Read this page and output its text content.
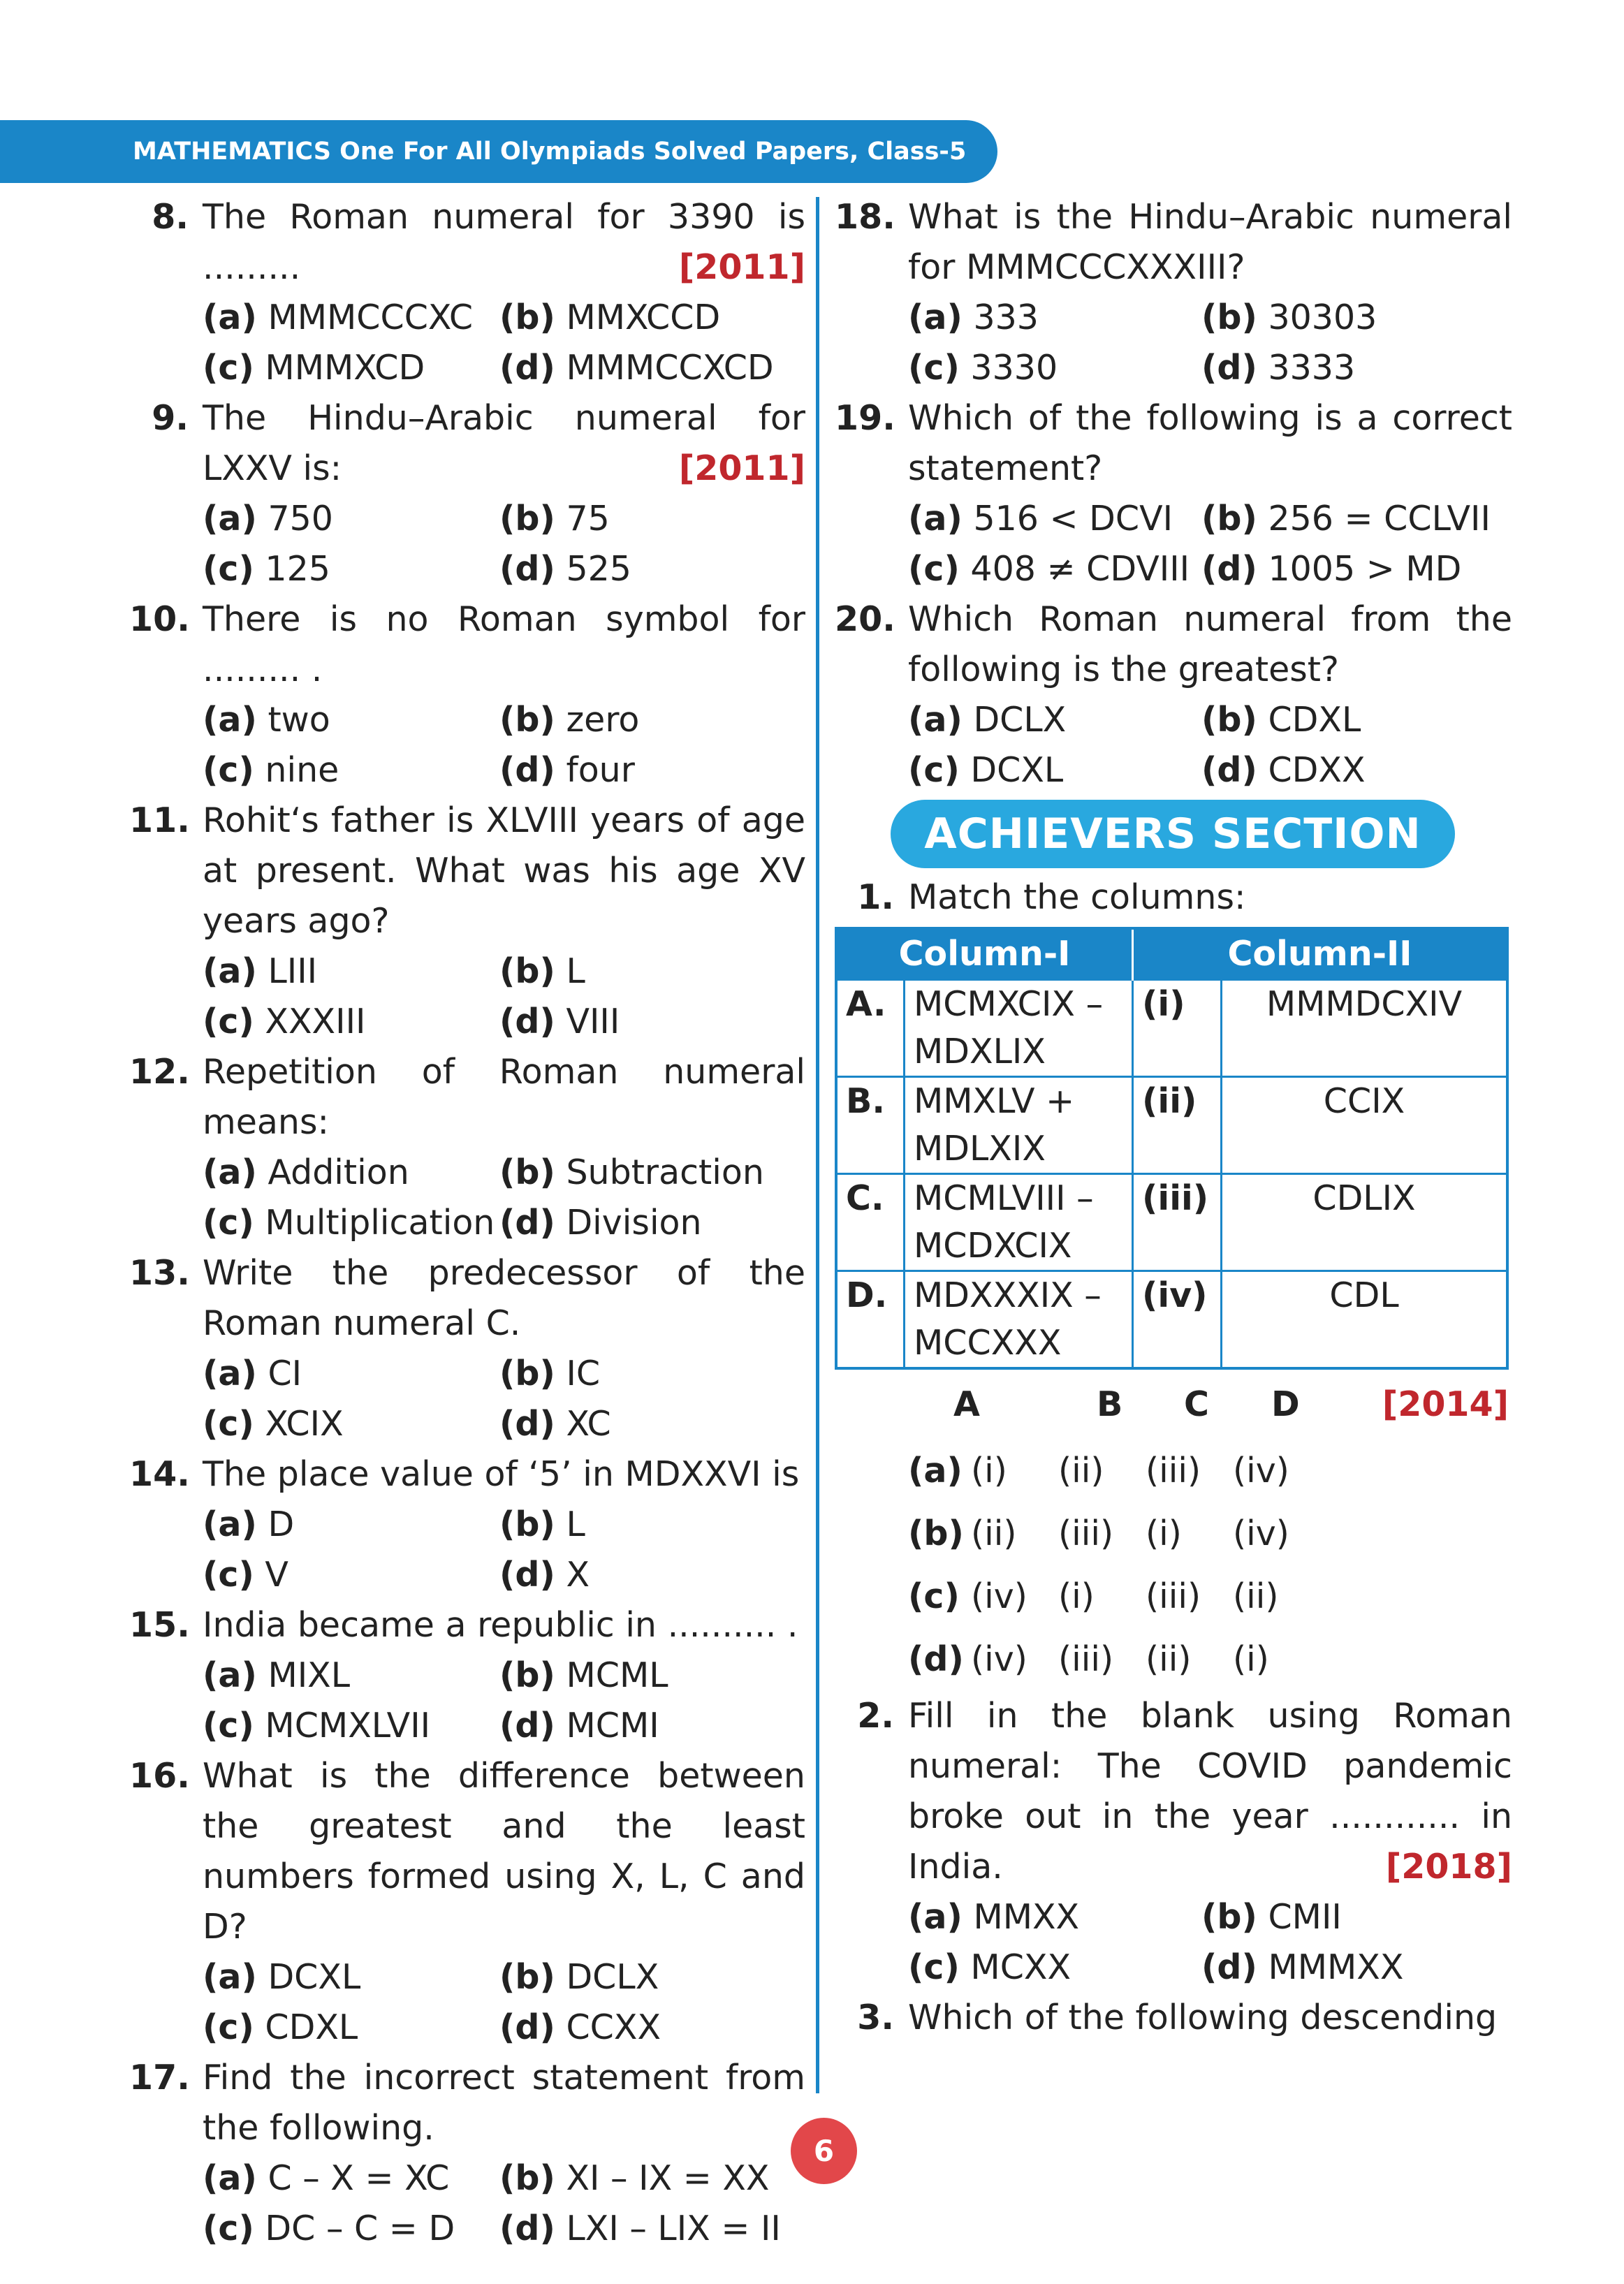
MATHEMATICS One For All Olympiads Solved Papers, Class-5
8. The Roman numeral for 3390 is .........	[2011]
(a) MMMCCCXC (b) MMXCCD
(c) MMMXCD	(d) MMMCCXCD
9. The Hindu–Arabic numeral for LXXV is:	[2011]
(a) 750	(b) 75
(c) 125	(d) 525
10. There is no Roman symbol for ......... .
(a) two	(b) zero
(c) nine	(d) four
11. Rohit‘s father is XLVIII years of age at present. What was his age XV years ago?
(a) LIII	(b) L
(c) XXXIII	(d) VIII
12. Repetition of Roman numeral means:
(a) Addition	(b) Subtraction
(c) Multiplication (d) Division
13. Write the predecessor of the Roman numeral C.
(a) CI	(b) IC
(c) XCIX	(d) XC
14. The place value of ‘5’ in MDXXVI is
(a) D	(b) L
(c) V	(d) X
15. India became a republic in .......... .
(a) MIXL	(b) MCML
(c) MCMXLVII	(d) MCMI
16. What is the difference between the greatest and the least numbers formed using X, L, C and D?
(a) DCXL	(b) DCLX
(c) CDXL	(d) CCXX
17. Find the incorrect statement from the following.
(a) C – X = XC	(b) XI – IX = XX
(c) DC – C = D	(d) LXI – LIX = II
18. What is the Hindu–Arabic numeral for MMMCCCXXXIII?
(a) 333	(b) 30303
(c) 3330	(d) 3333
19. Which of the following is a correct statement?
(a) 516 < DCVI (b) 256 = CCLVII
(c) 408 ≠ CDVIII (d) 1005 > MD
20. Which Roman numeral from the following is the greatest?
(a) DCLX	(b) CDXL
(c) DCXL	(d) CDXX
ACHIEVERS SECTION
1. Match the columns:
Column-I		Column-II	
A.	MCMXCIX – MDXLIX	(i)	MMMDCXIV
B.	MMXLV + MDLXIX	(ii)	CCIX
C.	MCMLVIII – MCDXCIX	(iii)	CDLIX
D.	MDXXXIX – MCCXXX	(iv)	CDL
A	B	C	D	[2014]
(a) (i)	(ii)	(iii) (iv)
(b) (ii)	(iii) (i)	(iv)
(c) (iv) (i)	(iii) (ii)
(d) (iv) (iii) (ii)	(i)
2. Fill in the blank using Roman numeral: The COVID pandemic broke out in the year ............ in India.	[2018]
(a) MMXX	(b) CMII
(c) MCXX	(d) MMMXX
3. Which of the following descending
6
